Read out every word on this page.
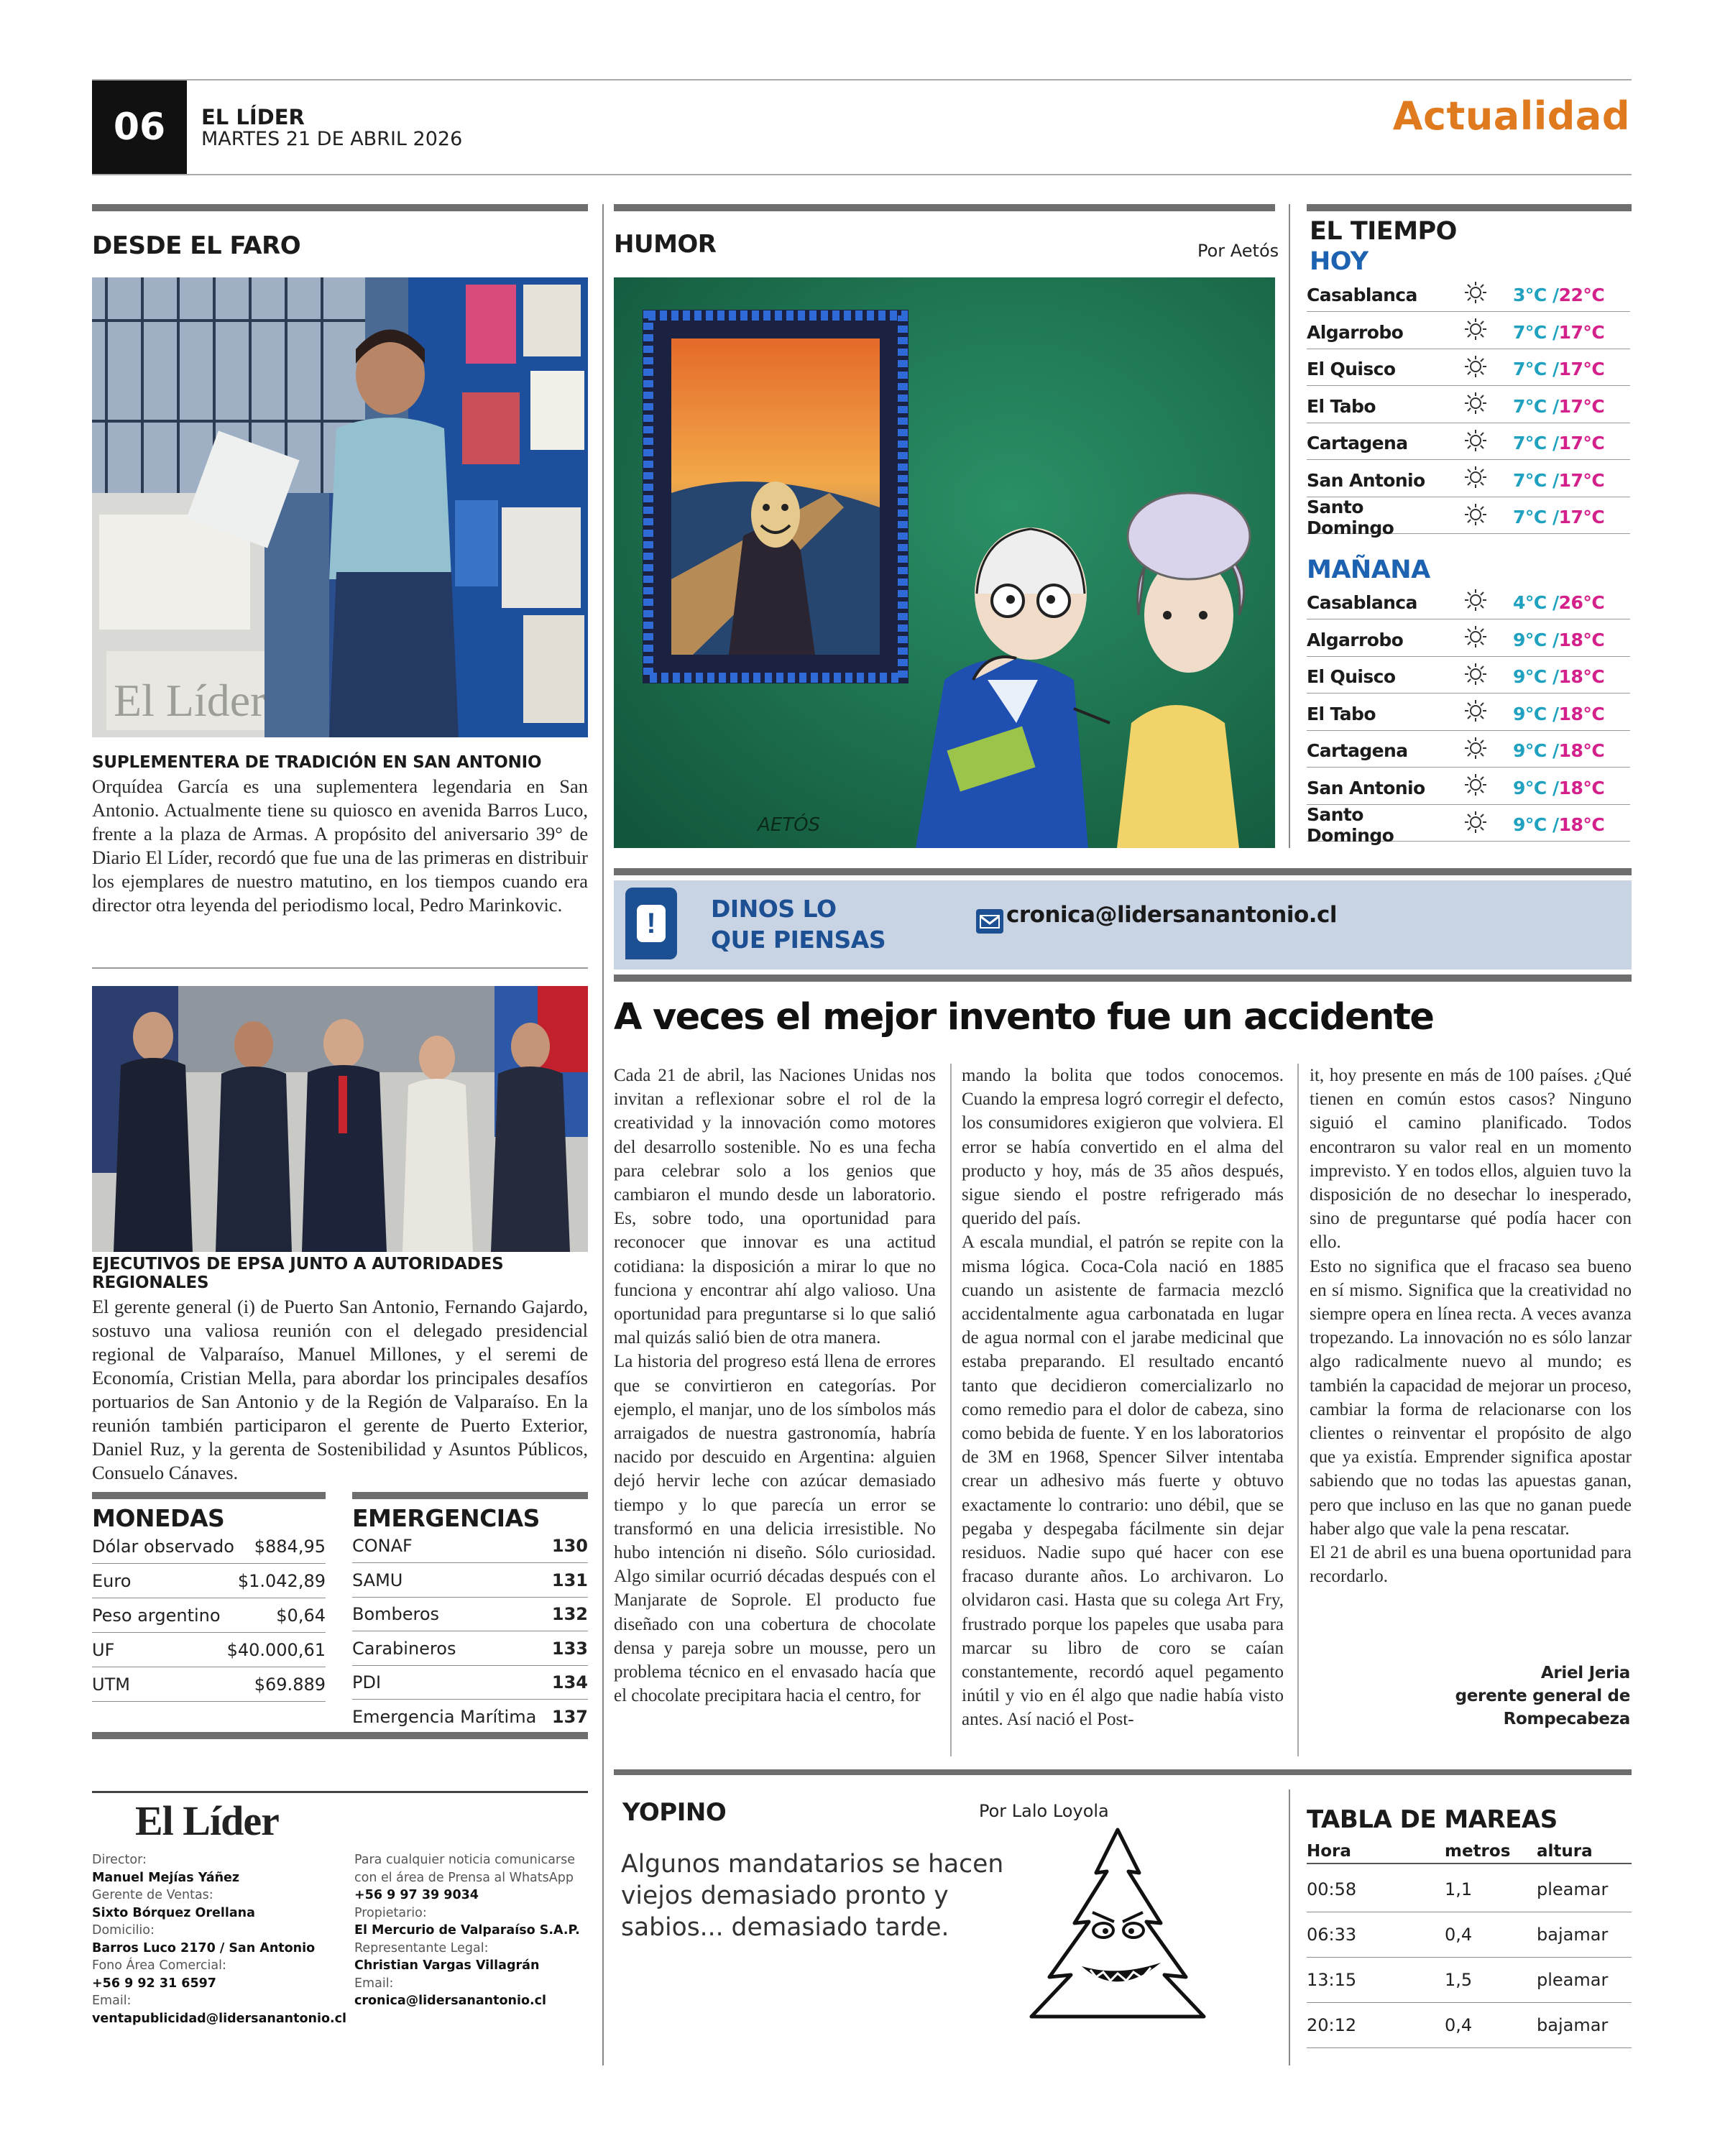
06 EL LÍDER
MARTES 21 DE ABRIL 2026
Actualidad
DESDE EL FARO
El Líder
SUPLEMENTERA DE TRADICIÓN EN SAN ANTONIO
Orquídea García es una suplementera legendaria en San Antonio. Actualmente tiene su quiosco en avenida Barros Luco, frente a la plaza de Armas. A propósito del aniversario 39° de Diario El Líder, recordó que fue una de las primeras en distribuir los ejemplares de nuestro matutino, en los tiempos cuando era director otra leyenda del periodismo local, Pedro Marinkovic.
EJECUTIVOS DE EPSA JUNTO A AUTORIDADES REGIONALES
El gerente general (i) de Puerto San Antonio, Fernando Gajardo, sostuvo una valiosa reunión con el delegado presidencial regional de Valparaíso, Manuel Millones, y el seremi de Economía, Cristian Mella, para abordar los principales desafíos portuarios de San Antonio y de la Región de Valparaíso. En la reunión también participaron el gerente de Puerto Exterior, Daniel Ruz, y la gerenta de Sostenibilidad y Asuntos Públicos, Consuelo Cánaves.
MONEDAS
Dólar observado $884,95
Euro	$1.042,89
Peso argentino	$0,64
UF	$40.000,61
UTM	$69.889
EMERGENCIAS
CONAF	130
SAMU	131
Bomberos	132
Carabineros	133
PDI	134
Emergencia Marítima 137
El Líder
Director:
Manuel Mejías Yáñez
Gerente de Ventas:
Sixto Bórquez Orellana
Domicilio:
Barros Luco 2170 / San Antonio
Fono Área Comercial:
+56 9 92 31 6597
Email:
ventapublicidad@lidersanantonio.cl
Para cualquier noticia comunicarse
con el área de Prensa al WhatsApp
+56 9 97 39 9034
Propietario:
El Mercurio de Valparaíso S.A.P.
Representante Legal:
Christian Vargas Villagrán
Email:
cronica@lidersanantonio.cl
HUMOR	Por Aetós
AETÓS
EL TIEMPO
HOY
Casablanca	3°C /22°C
Algarrobo	7°C /17°C
El Quisco	7°C /17°C
El Tabo	7°C /17°C
Cartagena	7°C /17°C
San Antonio	7°C /17°C
Santo Domingo	7°C /17°C
MAÑANA
Casablanca	4°C /26°C
Algarrobo	9°C /18°C
El Quisco	9°C /18°C
El Tabo	9°C /18°C
Cartagena	9°C /18°C
San Antonio	9°C /18°C
Santo Domingo	9°C /18°C
!	DINOS LO
QUE PIENSAS
cronica@lidersanantonio.cl
A veces el mejor invento fue un accidente
Cada 21 de abril, las Naciones Unidas nos invitan a reflexionar sobre el rol de la creatividad y la innovación como motores del desarrollo sostenible. No es una fecha para celebrar solo a los genios que cambiaron el mundo desde un laboratorio. Es, sobre todo, una oportunidad para reconocer que innovar es una actitud cotidiana: la disposición a mirar lo que no funciona y encontrar ahí algo valioso. Una oportunidad para preguntarse si lo que salió mal quizás salió bien de otra manera.
La historia del progreso está llena de errores que se convirtieron en categorías. Por ejemplo, el manjar, uno de los símbolos más arraigados de nuestra gastronomía, habría nacido por descuido en Argentina: alguien dejó hervir leche con azúcar demasiado tiempo y lo que parecía un error se transformó en una delicia irresistible. No hubo intención ni diseño. Sólo curiosidad. Algo similar ocurrió décadas después con el Manjarate de Soprole. El producto fue diseñado con una cobertura de chocolate densa y pareja sobre un mousse, pero un problema técnico en el envasado hacía que el chocolate precipitara hacia el centro, for
mando la bolita que todos conocemos. Cuando la empresa logró corregir el defecto, los consumidores exigieron que volviera. El error se había convertido en el alma del producto y hoy, más de 35 años después, sigue siendo el postre refrigerado más querido del país.
A escala mundial, el patrón se repite con la misma lógica. Coca-Cola nació en 1885 cuando un asistente de farmacia mezcló accidentalmente agua carbonatada en lugar de agua normal con el jarabe medicinal que estaba preparando. El resultado encantó tanto que decidieron comercializarlo no como remedio para el dolor de cabeza, sino como bebida de fuente. Y en los laboratorios de 3M en 1968, Spencer Silver intentaba crear un adhesivo más fuerte y obtuvo exactamente lo contrario: uno débil, que se pegaba y despegaba fácilmente sin dejar residuos. Nadie supo qué hacer con ese fracaso durante años. Lo archivaron. Lo olvidaron casi. Hasta que su colega Art Fry, frustrado porque los papeles que usaba para marcar su libro de coro se caían constantemente, recordó aquel pegamento inútil y vio en él algo que nadie había visto antes. Así nació el Post-
it, hoy presente en más de 100 países. ¿Qué tienen en común estos casos? Ninguno siguió el camino planificado. Todos encontraron su valor real en un momento imprevisto. Y en todos ellos, alguien tuvo la disposición de no desechar lo inesperado, sino de preguntarse qué podía hacer con ello.
Esto no significa que el fracaso sea bueno en sí mismo. Significa que la creatividad no siempre opera en línea recta. A veces avanza tropezando. La innovación no es sólo lanzar algo radicalmente nuevo al mundo; es también la capacidad de mejorar un proceso, cambiar la forma de relacionarse con los clientes o reinventar el propósito de algo que ya existía. Emprender significa apostar sabiendo que no todas las apuestas ganan, pero que incluso en las que no ganan puede haber algo que vale la pena rescatar.
El 21 de abril es una buena oportunidad para recordarlo.
Ariel Jeria
gerente general de
Rompecabeza
YOPINO	Por Lalo Loyola
Algunos mandatarios se hacen viejos demasiado pronto y sabios... demasiado tarde.
TABLA DE MAREAS
Hora	metros	altura
00:58	1,1	pleamar
06:33	0,4	bajamar
13:15	1,5	pleamar
20:12	0,4	bajamar
